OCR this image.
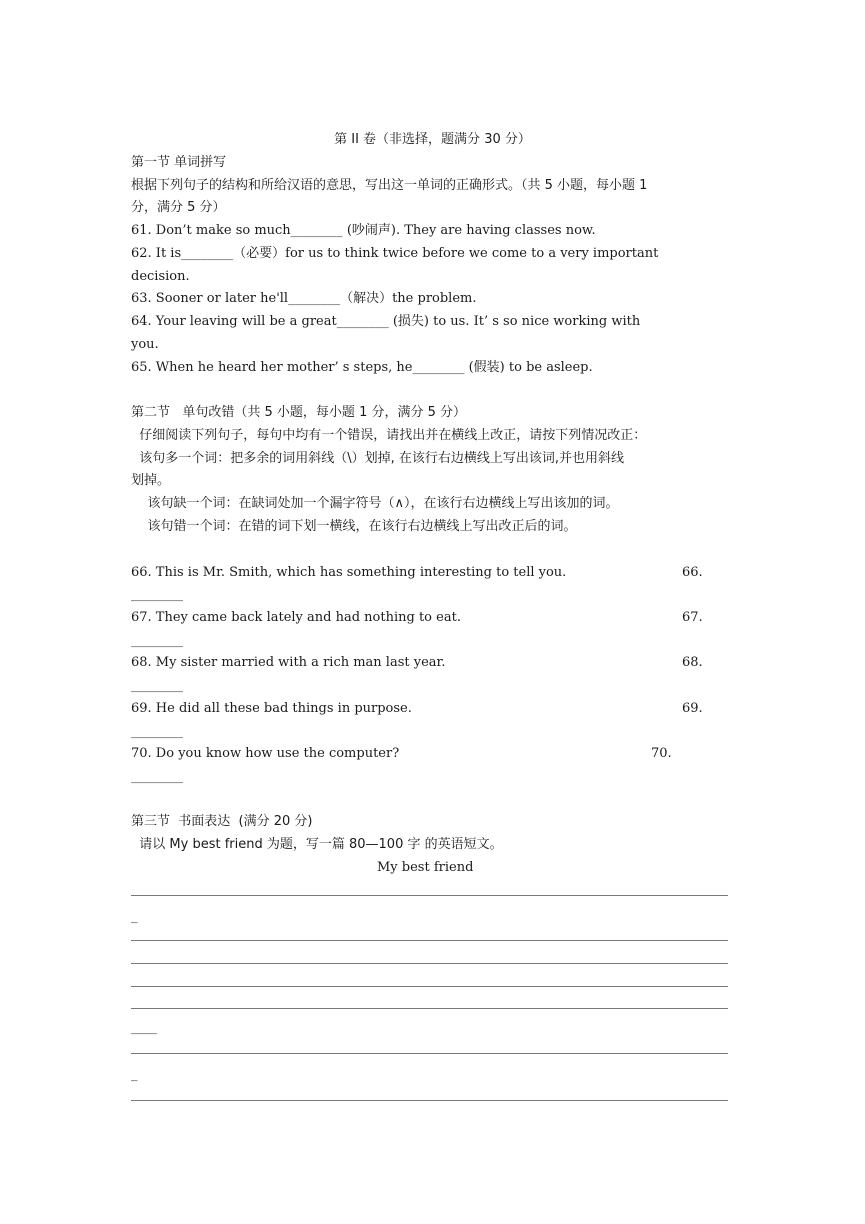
第 II 卷（非选择，题满分 30 分）
第一节 单词拼写
根据下列句子的结构和所给汉语的意思，写出这一单词的正确形式。（共 5 小题，每小题 1
分，满分 5 分）
61. Don’t make so much________ (吵闹声). They are having classes now.
62. It is________（必要）for us to think twice before we come to a very important
decision.
63. Sooner or later he'll________（解决）the problem.
64. Your leaving will be a great________ (损失) to us. It’ s so nice working with
you.
65. When he heard her mother’ s steps, he________ (假装) to be asleep.
第二节   单句改错（共 5 小题，每小题 1 分，满分 5 分）
仔细阅读下列句子，每句中均有一个错误，请找出并在横线上改正，请按下列情况改正：
该句多一个词：把多余的词用斜线（\）划掉, 在该行右边横线上写出该词,并也用斜线
划掉。
该句缺一个词：在缺词处加一个漏字符号（∧），在该行右边横线上写出该加的词。
该句错一个词：在错的词下划一横线，在该行右边横线上写出改正后的词。
66. This is Mr. Smith, which has something interesting to tell you.	66.
________
67. They came back lately and had nothing to eat.	67.
________
68. My sister married with a rich man last year.	68.
________
69. He did all these bad things in purpose.	69.
________
70. Do you know how use the computer?	70.
________
第三节  书面表达  (满分 20 分)
请以 My best friend 为题，写一篇 80—100 字 的英语短文。
My best friend
_
____
_
